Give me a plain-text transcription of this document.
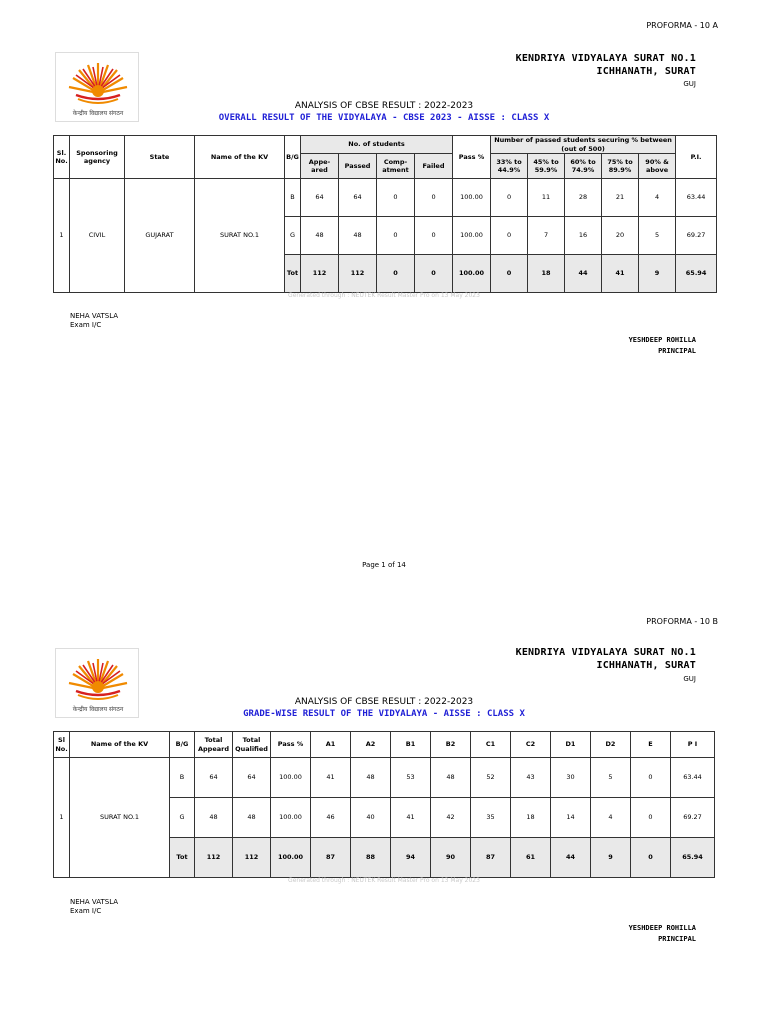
PROFORMA - 10 A
KENDRIYA VIDYALAYA SURAT NO.1
ICHHANATH, SURAT
GUJ
केन्द्रीय विद्यालय संगठन
ANALYSIS OF CBSE RESULT : 2022-2023
OVERALL RESULT OF THE VIDYALAYA - CBSE 2023 - AISSE : CLASS X
Sl. No.	Sponsoring agency	State	Name of the KV	B/G	No. of students				Pass %	Number of passed students securing % between (out of 500)					P.I.
					Appe-ared	Passed	Comp-atment	Failed		33% to 44.9%	45% to 59.9%	60% to 74.9%	75% to 89.9%	90% & above	
1	CIVIL	GUJARAT	SURAT NO.1	B	64	64	0	0	100.00	0	11	28	21	4	63.44
				G	48	48	0	0	100.00	0	7	16	20	5	69.27
				Tot	112	112	0	0	100.00	0	18	44	41	9	65.94
Generated through : NEUTEK Result Master Pro on 13 May 2023
NEHA VATSLA
Exam I/C
YESHDEEP ROHILLA
PRINCIPAL
Page 1 of 14
PROFORMA - 10 B
KENDRIYA VIDYALAYA SURAT NO.1
ICHHANATH, SURAT
GUJ
केन्द्रीय विद्यालय संगठन
ANALYSIS OF CBSE RESULT : 2022-2023
GRADE-WISE RESULT OF THE VIDYALAYA - AISSE : CLASS X
Sl No.	Name of the KV	B/G	Total Appeard	Total Qualified	Pass %	A1	A2	B1	B2	C1	C2	D1	D2	E	P I
1	SURAT NO.1	B	64	64	100.00	41	48	53	48	52	43	30	5	0	63.44
		G	48	48	100.00	46	40	41	42	35	18	14	4	0	69.27
		Tot	112	112	100.00	87	88	94	90	87	61	44	9	0	65.94
Generated through : NEUTEK Result Master Pro on 13 May 2023
NEHA VATSLA
Exam I/C
YESHDEEP ROHILLA
PRINCIPAL
